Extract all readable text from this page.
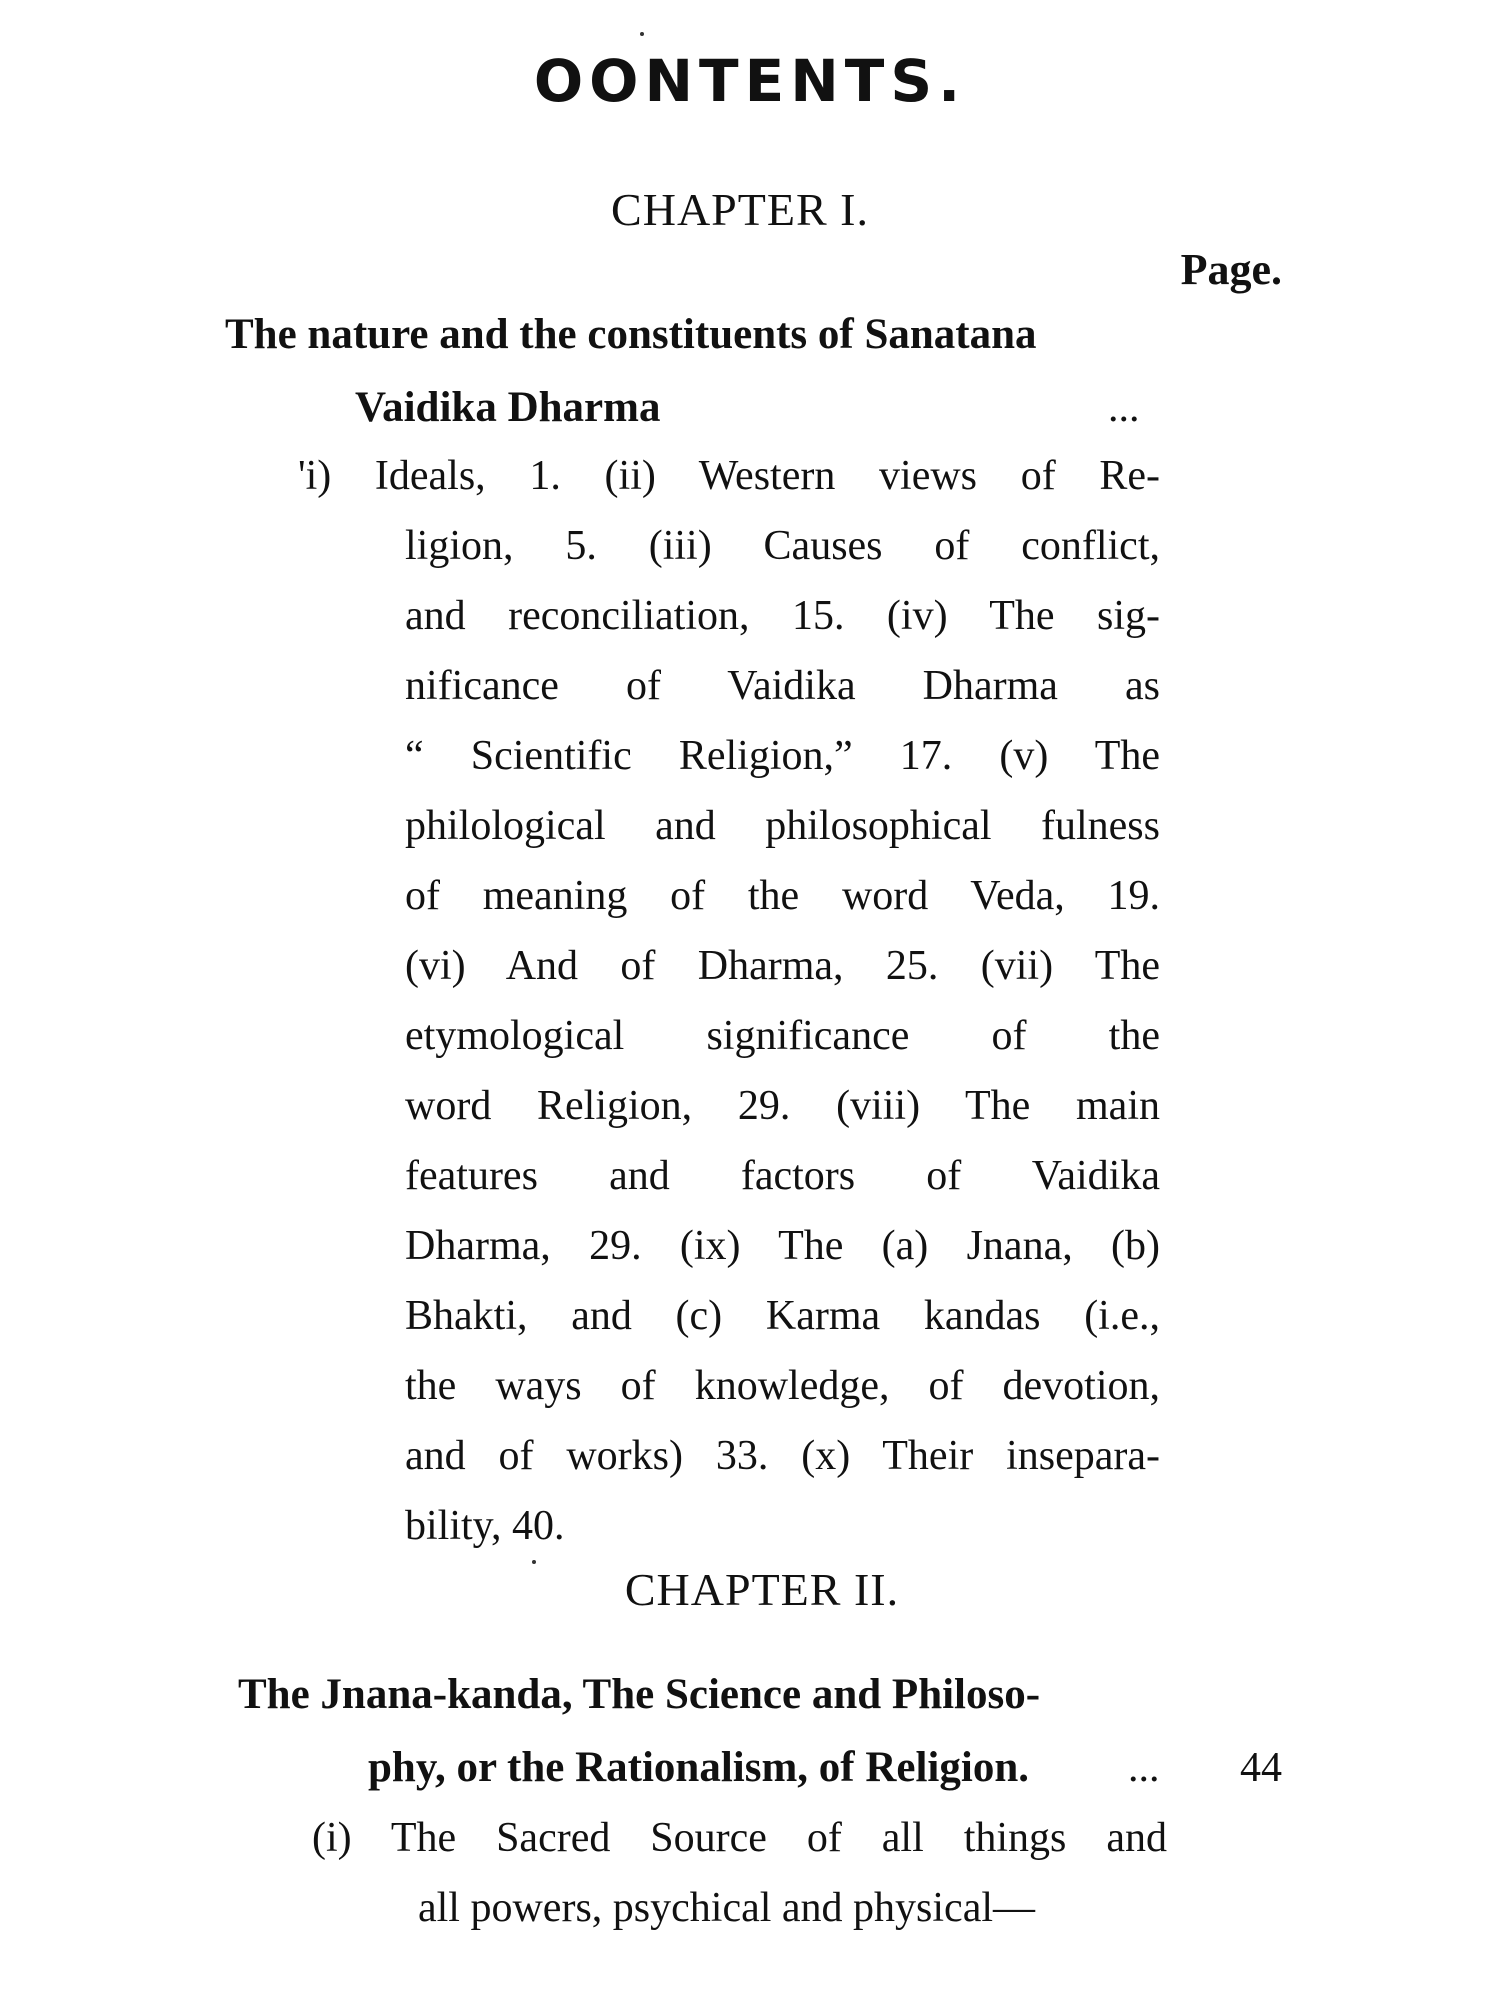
OONTENTS.
CHAPTER I.
Page.
The nature and the constituents of Sanatana
Vaidika Dharma	...
'i) Ideals, 1. (ii) Western views of Re-
ligion, 5. (iii) Causes of conflict,
and reconciliation, 15. (iv) The sig-
nificance of Vaidika Dharma as
“ Scientific Religion,” 17. (v) The
philological and philosophical fulness
of meaning of the word Veda, 19.
(vi) And of Dharma, 25. (vii) The
etymological significance of the
word Religion, 29. (viii) The main
features and factors of Vaidika
Dharma, 29. (ix) The (a) Jnana, (b)
Bhakti, and (c) Karma kandas (i.e.,
the ways of knowledge, of devotion,
and of works) 33. (x) Their insepara-
bility, 40.
CHAPTER II.
The Jnana-kanda, The Science and Philoso-
phy, or the Rationalism, of Religion. ... 44
(i) The Sacred Source of all things and
all powers, psychical and physical—
